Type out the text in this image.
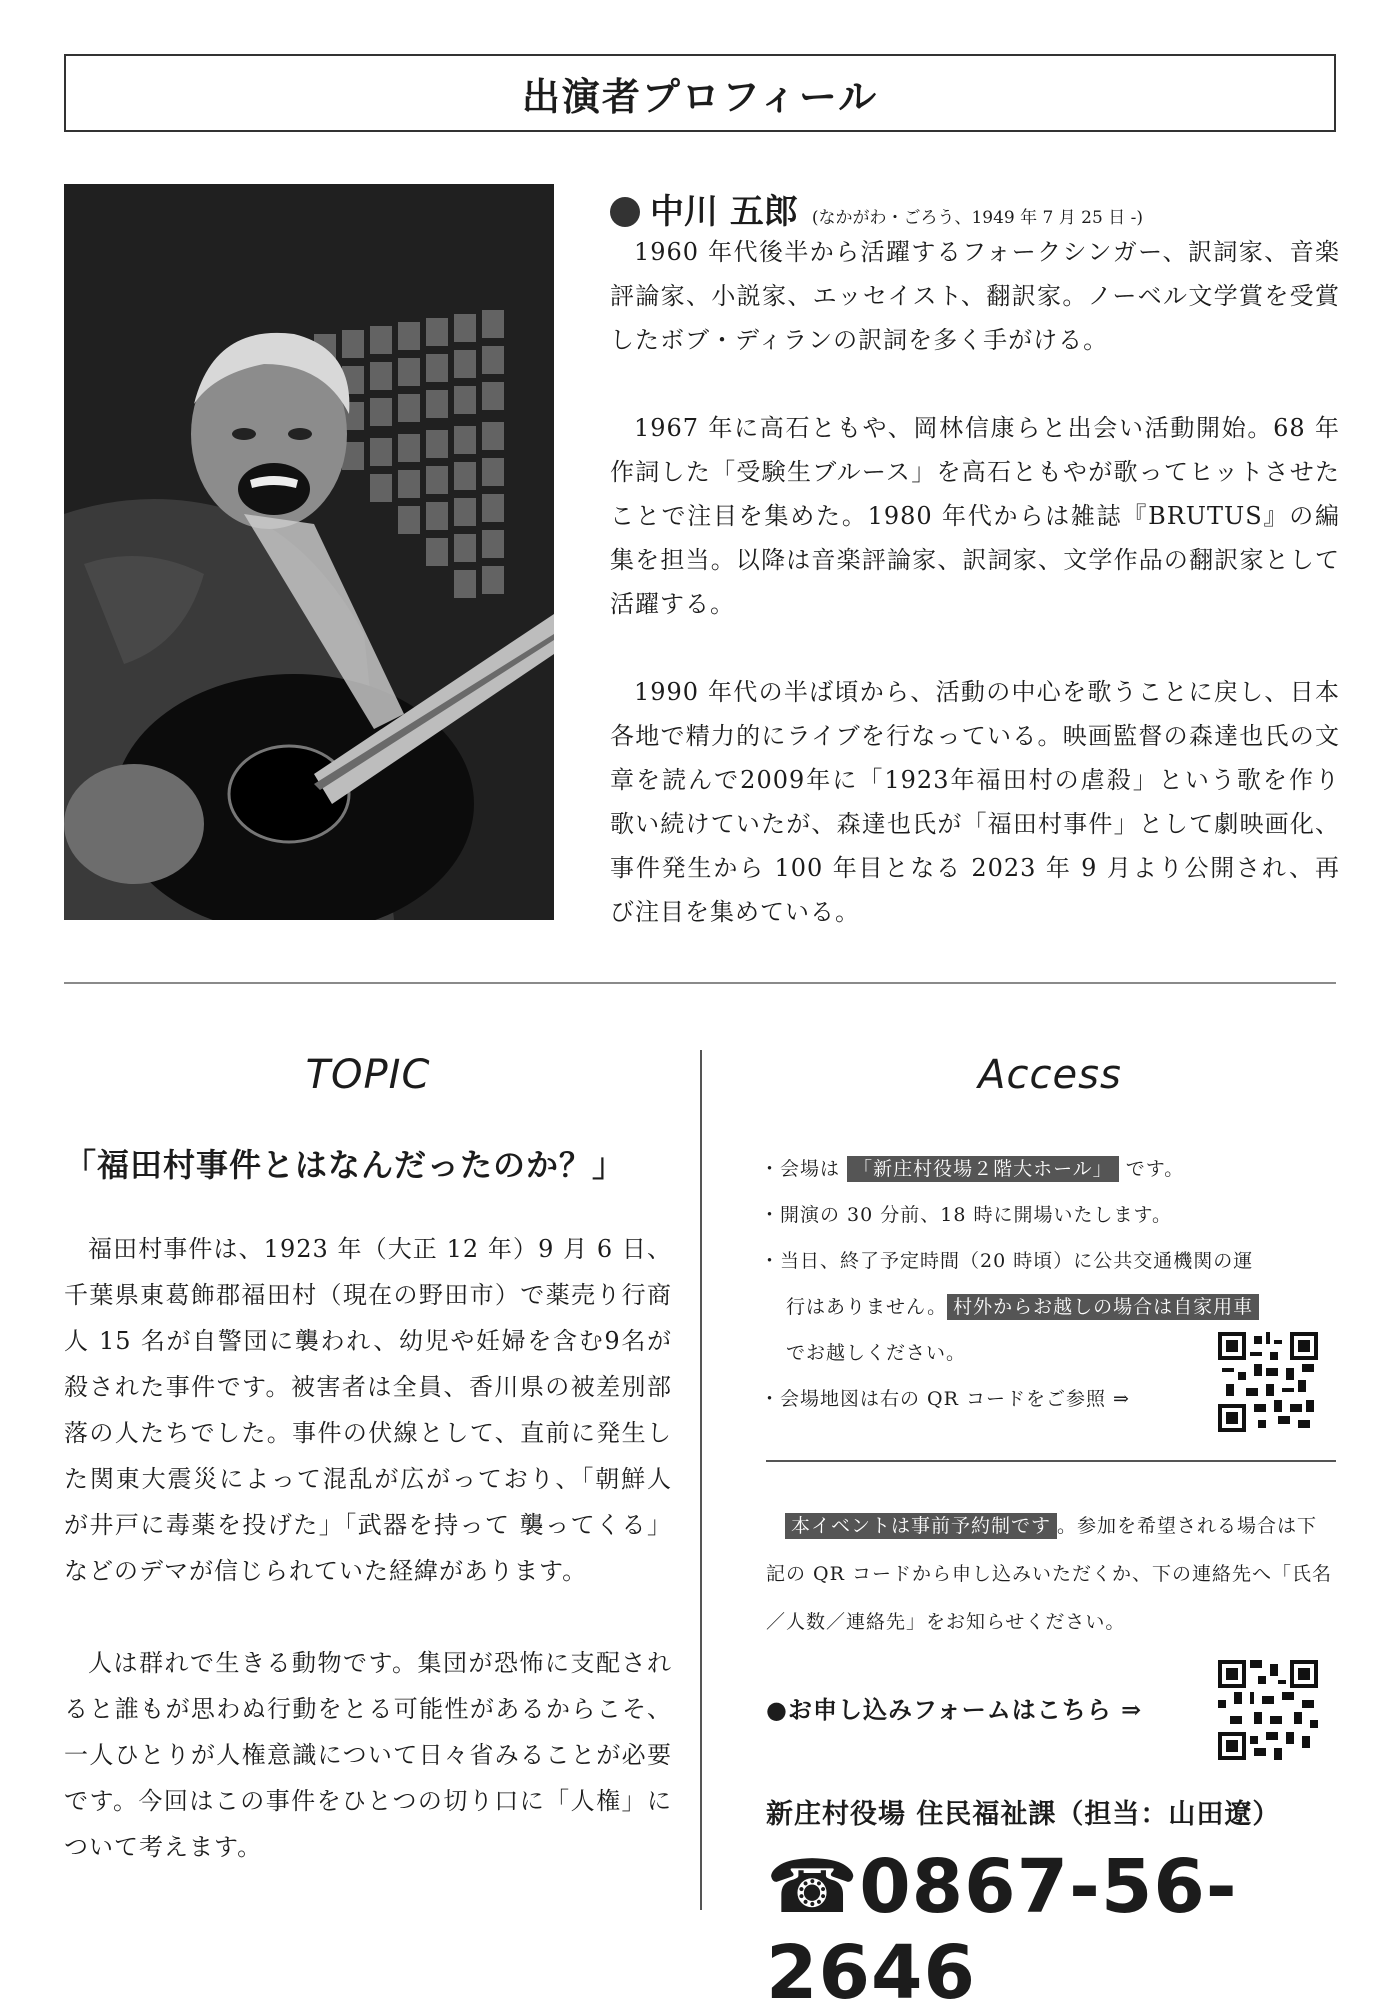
出演者プロフィール
中川 五郎 (なかがわ・ごろう、1949 年 7 月 25 日 -)

1960 年代後半から活躍するフォークシンガー、訳詞家、音楽評論家、小説家、エッセイスト、翻訳家。ノーベル文学賞を受賞したボブ・ディランの訳詞を多く手がける。

1967 年に高石ともや、岡林信康らと出会い活動開始。68 年作詞した「受験生ブルース」を高石ともやが歌ってヒットさせたことで注目を集めた。1980 年代からは雑誌『BRUTUS』の編集を担当。以降は音楽評論家、訳詞家、文学作品の翻訳家として活躍する。

1990 年代の半ば頃から、活動の中心を歌うことに戻し、日本各地で精力的にライブを行なっている。映画監督の森達也氏の文章を読んで2009年に「1923年福田村の虐殺」という歌を作り歌い続けていたが、森達也氏が「福田村事件」として劇映画化、事件発生から 100 年目となる 2023 年 9 月より公開され、再び注目を集めている。

TOPIC
「福田村事件とはなんだったのか？」

福田村事件は、1923 年（大正 12 年）9 月 6 日、千葉県東葛飾郡福田村（現在の野田市）で薬売り行商人 15 名が自警団に襲われ、幼児や妊婦を含む9名が殺された事件です。被害者は全員、香川県の被差別部落の人たちでした。事件の伏線として、直前に発生した関東大震災によって混乱が広がっており、「朝鮮人が井戸に毒薬を投げた」「武器を持って 襲ってくる」などのデマが信じられていた経緯があります。

人は群れで生きる動物です。集団が恐怖に支配されると誰もが思わぬ行動をとる可能性があるからこそ、一人ひとりが人権意識について日々省みることが必要です。今回はこの事件をひとつの切り口に「人権」について考えます。

Access
・会場は 「新庄村役場２階大ホール」 です。
・開演の 30 分前、18 時に開場いたします。
・当日、終了予定時間（20 時頃）に公共交通機関の運
行はありません。 村外からお越しの場合は自家用車
でお越しください。
・会場地図は右の QR コードをご参照 ⇒
本イベントは事前予約制です 。参加を希望される場合は下記の QR コードから申し込みいただくか、下の連絡先へ「氏名／人数／連絡先」をお知らせください。
●お申し込みフォームはこちら ⇒
新庄村役場 住民福祉課（担当：山田遼）
☎0867-56-2646
